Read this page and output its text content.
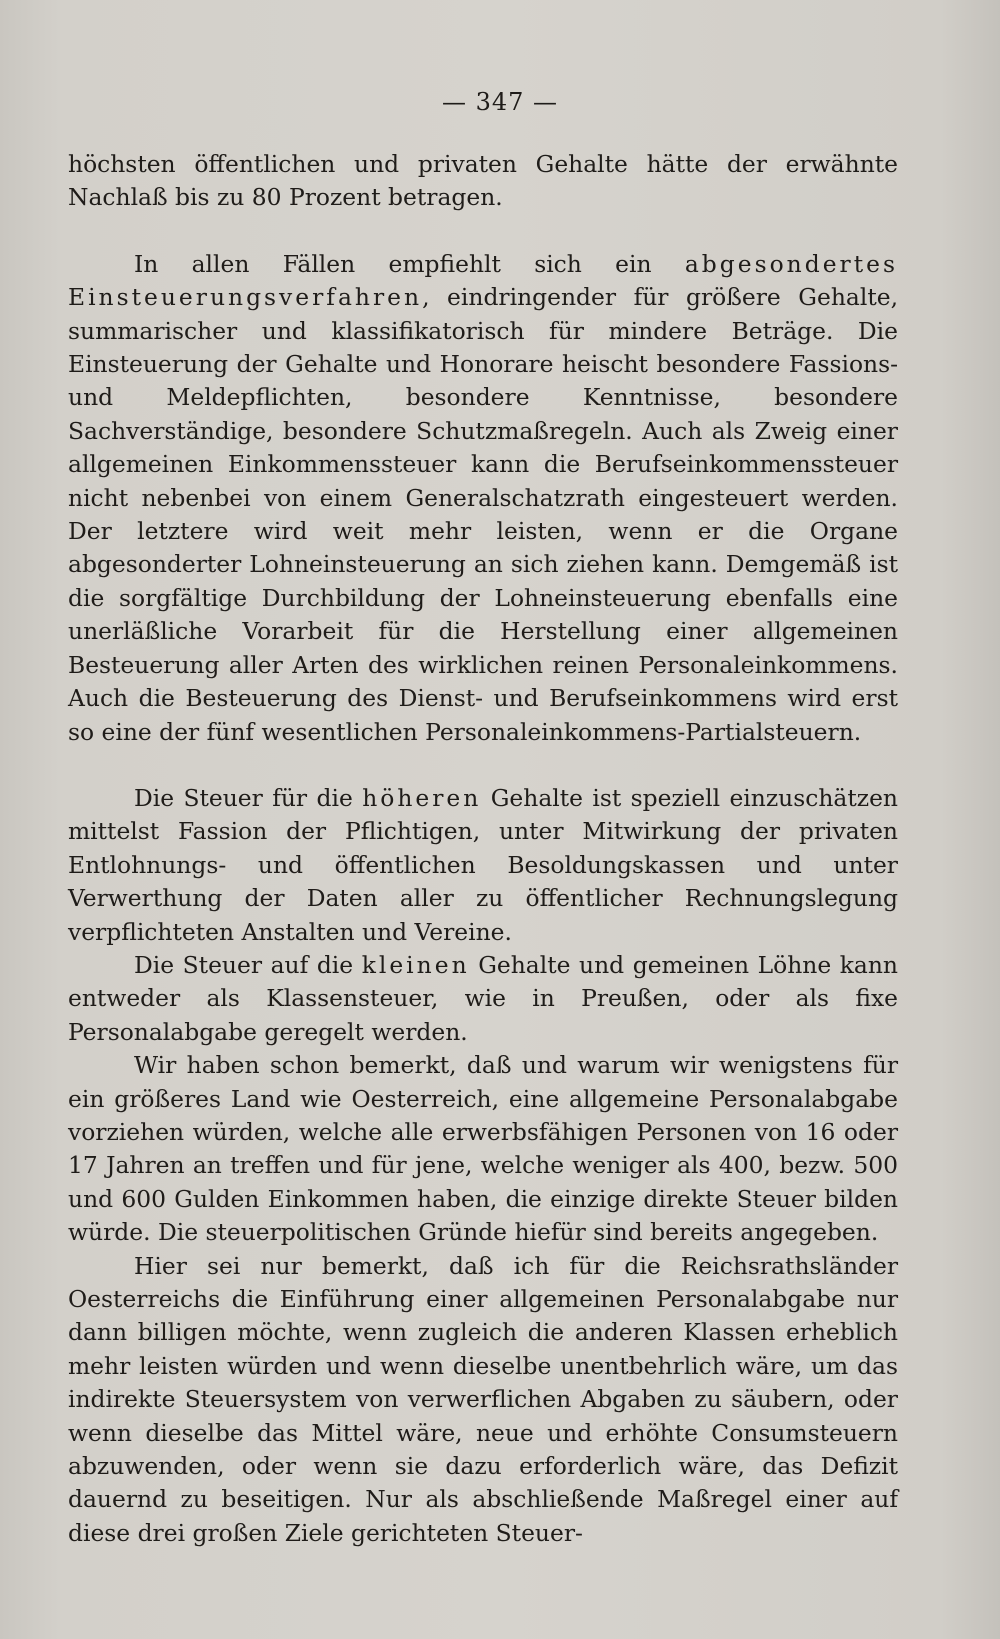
— 347 —

höchsten öffentlichen und privaten Gehalte hätte der erwähnte Nachlaß bis zu 80 Prozent betragen.

In allen Fällen empfiehlt sich ein abgesondertes Einsteuerungsverfahren, eindringender für größere Gehalte, summarischer und klassifikatorisch für mindere Beträge. Die Einsteuerung der Gehalte und Honorare heischt besondere Fassions- und Meldepflichten, besondere Kenntnisse, besondere Sachverständige, besondere Schutzmaßregeln. Auch als Zweig einer allgemeinen Einkommenssteuer kann die Berufseinkommenssteuer nicht nebenbei von einem Generalschatzrath eingesteuert werden. Der letztere wird weit mehr leisten, wenn er die Organe abgesonderter Lohneinsteuerung an sich ziehen kann. Demgemäß ist die sorgfältige Durchbildung der Lohneinsteuerung ebenfalls eine unerläßliche Vorarbeit für die Herstellung einer allgemeinen Besteuerung aller Arten des wirklichen reinen Personaleinkommens. Auch die Besteuerung des Dienst- und Berufseinkommens wird erst so eine der fünf wesentlichen Personaleinkommens-Partialsteuern.

Die Steuer für die höheren Gehalte ist speziell einzuschätzen mittelst Fassion der Pflichtigen, unter Mitwirkung der privaten Entlohnungs- und öffentlichen Besoldungskassen und unter Verwerthung der Daten aller zu öffentlicher Rechnungslegung verpflichteten Anstalten und Vereine.

Die Steuer auf die kleinen Gehalte und gemeinen Löhne kann entweder als Klassensteuer, wie in Preußen, oder als fixe Personalabgabe geregelt werden.

Wir haben schon bemerkt, daß und warum wir wenigstens für ein größeres Land wie Oesterreich, eine allgemeine Personalabgabe vorziehen würden, welche alle erwerbsfähigen Personen von 16 oder 17 Jahren an treffen und für jene, welche weniger als 400, bezw. 500 und 600 Gulden Einkommen haben, die einzige direkte Steuer bilden würde. Die steuerpolitischen Gründe hiefür sind bereits angegeben.

Hier sei nur bemerkt, daß ich für die Reichsrathsländer Oesterreichs die Einführung einer allgemeinen Personalabgabe nur dann billigen möchte, wenn zugleich die anderen Klassen erheblich mehr leisten würden und wenn dieselbe unentbehrlich wäre, um das indirekte Steuersystem von verwerflichen Abgaben zu säubern, oder wenn dieselbe das Mittel wäre, neue und erhöhte Consumsteuern abzuwenden, oder wenn sie dazu erforderlich wäre, das Defizit dauernd zu beseitigen. Nur als abschließende Maßregel einer auf diese drei großen Ziele gerichteten Steuer-
